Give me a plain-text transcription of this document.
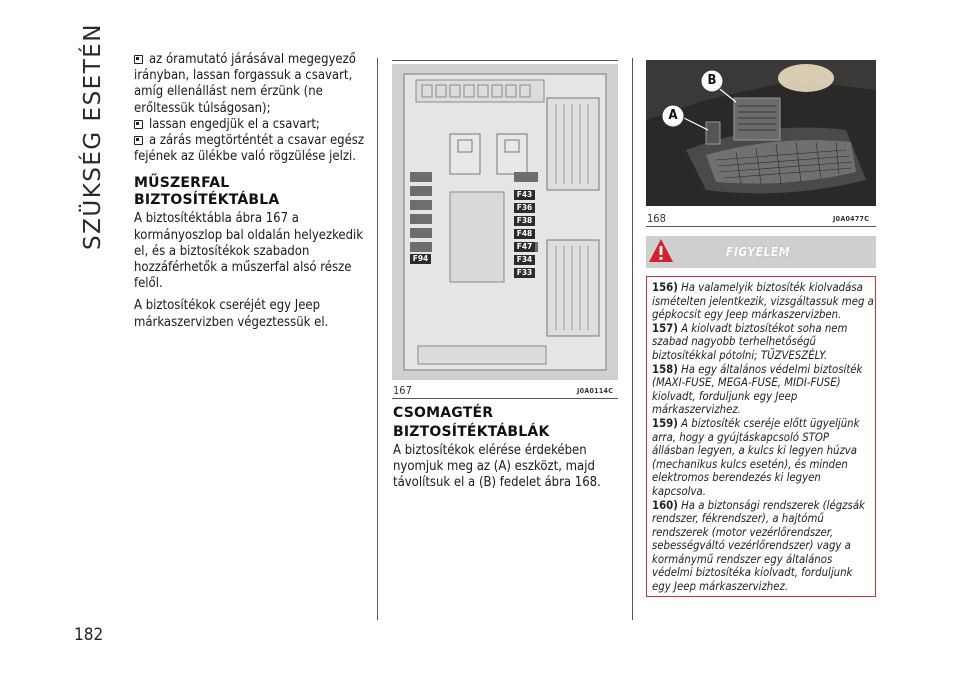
SZÜKSÉG ESETÉN
182

az óramutató járásával megegyező irányban, lassan forgassuk a csavart, amíg ellenállást nem érzünk (ne erőltessük túlságosan);

lassan engedjük el a csavart;

a zárás megtörténtét a csavar egész fejének az ülékbe való rögzülése jelzi.

MŰSZERFAL BIZTOSÍTÉKTÁBLA

A biztosítéktábla ábra 167 a kormányoszlop bal oldalán helyezkedik el, és a biztosítékok szabadon hozzáférhetők a műszerfal alsó része felől.

A biztosítékok cseréjét egy Jeep márkaszervizben végeztessük el.

F43
F36
F38
F48
F47
F34
F33
F94
167	J0A0114C
CSOMAGTÉR
BIZTOSÍTÉKTÁBLÁK

A biztosítékok elérése érdekében nyomjuk meg az (A) eszközt, majd távolítsuk el a (B) fedelet ábra 168.

A
B
168	J0A0477C
FIGYELEM

156) Ha valamelyik biztosíték kiolvadása ismételten jelentkezik, vizsgáltassuk meg a gépkocsit egy Jeep márkaszervizben.

157) A kiolvadt biztosítékot soha nem szabad nagyobb terhelhetőségű biztosítékkal pótolni; TŰZVESZÉLY.

158) Ha egy általános védelmi biztosíték (MAXI-FUSE, MEGA-FUSE, MIDI-FUSE) kiolvadt, forduljunk egy Jeep márkaszervizhez.

159) A biztosíték cseréje előtt ügyeljünk arra, hogy a gyújtáskapcsoló STOP állásban legyen, a kulcs ki legyen húzva (mechanikus kulcs esetén), és minden elektromos berendezés ki legyen kapcsolva.

160) Ha a biztonsági rendszerek (légzsák rendszer, fékrendszer), a hajtómű rendszerek (motor vezérlőrendszer, sebességváltó vezérlőrendszer) vagy a kormánymű rendszer egy általános védelmi biztosítéka kiolvadt, forduljunk egy Jeep márkaszervizhez.
